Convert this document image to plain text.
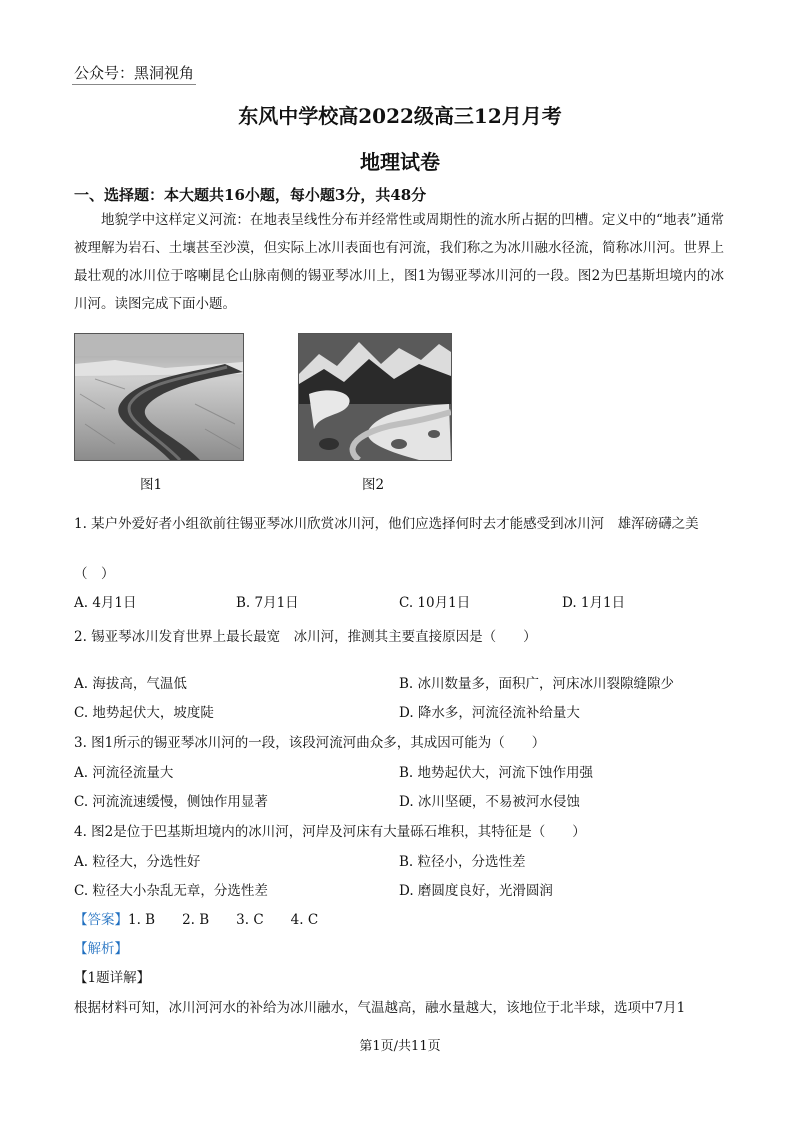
公众号：黑洞视角
东风中学校高2022级高三12月月考
地理试卷
一、选择题：本大题共16小题，每小题3分，共48分
地貌学中这样定义河流：在地表呈线性分布并经常性或周期性的流水所占据的凹槽。定义中的“地表”通常被理解为岩石、土壤甚至沙漠，但实际上冰川表面也有河流，我们称之为冰川融水径流，简称冰川河。世界上最壮观的冰川位于喀喇昆仑山脉南侧的锡亚琴冰川上，图1为锡亚琴冰川河的一段。图2为巴基斯坦境内的冰川河。读图完成下面小题。
图1	图2
1. 某户外爱好者小组欲前往锡亚琴冰川欣赏冰川河，他们应选择何时去才能感受到冰川河　雄浑磅礴之美
（　）
A. 4月1日	B. 7月1日	C. 10月1日	D. 1月1日
2. 锡亚琴冰川发育世界上最长最宽　冰川河，推测其主要直接原因是（　　）
A. 海拔高，气温低	B. 冰川数量多，面积广，河床冰川裂隙缝隙少
C. 地势起伏大，坡度陡	D. 降水多，河流径流补给量大
3. 图1所示的锡亚琴冰川河的一段，该段河流河曲众多，其成因可能为（　　）
A. 河流径流量大	B. 地势起伏大，河流下蚀作用强
C. 河流流速缓慢，侧蚀作用显著	D. 冰川坚硬，不易被河水侵蚀
4. 图2是位于巴基斯坦境内的冰川河，河岸及河床有大量砾石堆积，其特征是（　　）
A. 粒径大，分选性好	B. 粒径小，分选性差
C. 粒径大小杂乱无章，分选性差	D. 磨圆度良好，光滑圆润
【答案】1. B　　2. B　　3. C　　4. C
【解析】
【1题详解】
根据材料可知，冰川河河水的补给为冰川融水，气温越高，融水量越大，该地位于北半球，选项中7月1
第1页/共11页
